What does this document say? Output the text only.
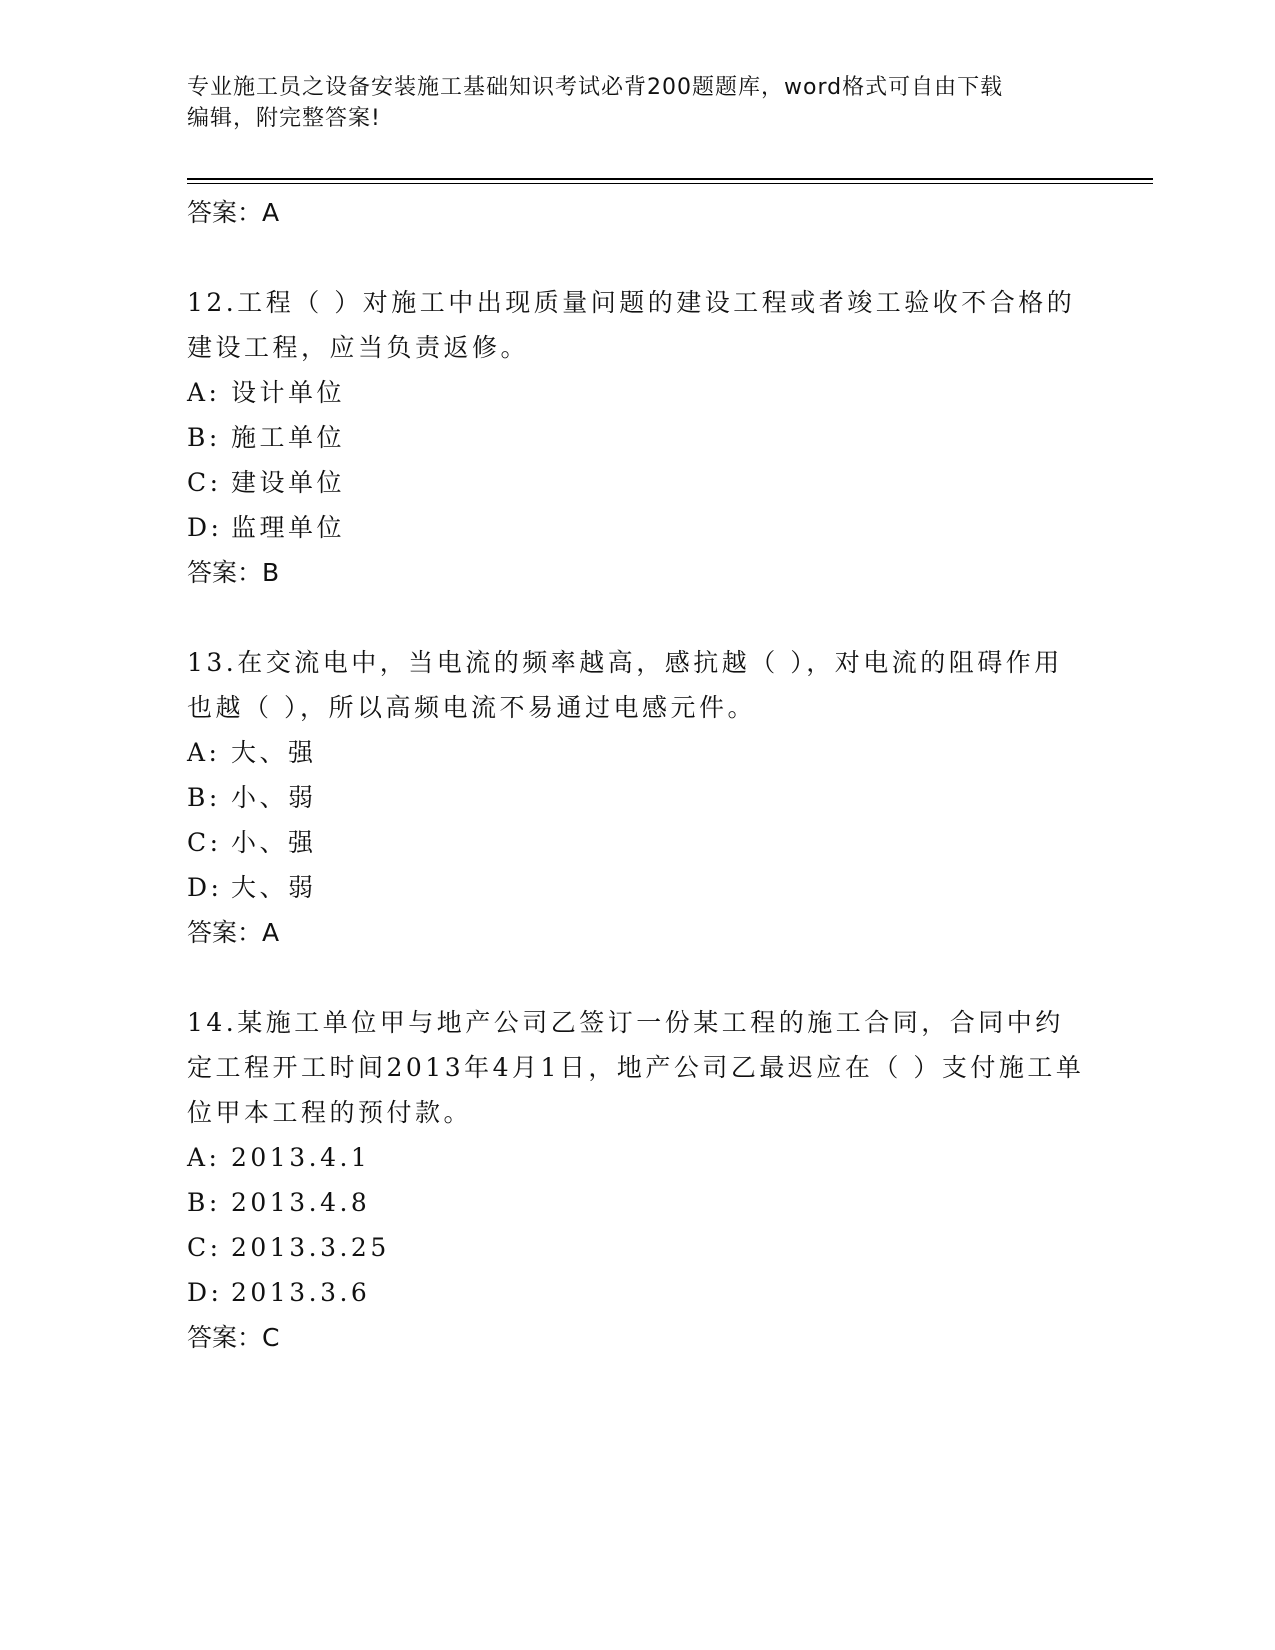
专业施工员之设备安装施工基础知识考试必背200题题库，word格式可自由下载
编辑，附完整答案!
答案：A
12.工程（ ）对施工中出现质量问题的建设工程或者竣工验收不合格的建设工程，应当负责返修。
A: 设计单位
B: 施工单位
C: 建设单位
D: 监理单位
答案：B
13.在交流电中，当电流的频率越高，感抗越（ ），对电流的阻碍作用也越（ ），所以高频电流不易通过电感元件。
A: 大、强
B: 小、弱
C: 小、强
D: 大、弱
答案：A
14.某施工单位甲与地产公司乙签订一份某工程的施工合同，合同中约定工程开工时间2013年4月1日，地产公司乙最迟应在（ ）支付施工单位甲本工程的预付款。
A: 2013.4.1
B: 2013.4.8
C: 2013.3.25
D: 2013.3.6
答案：C
